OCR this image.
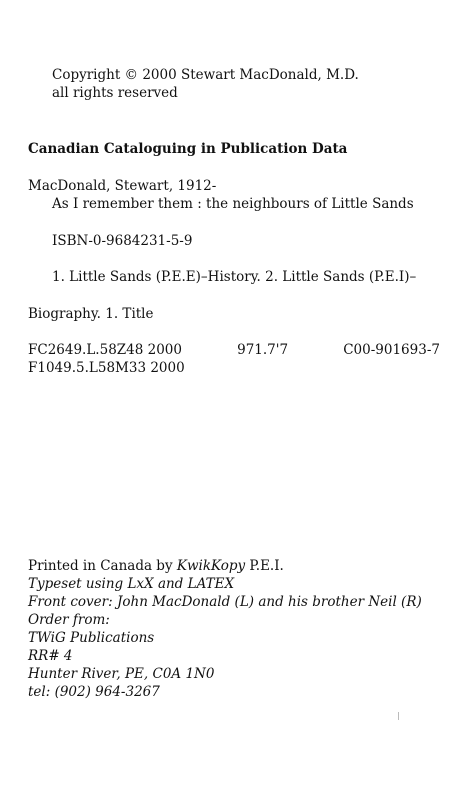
Copyright © 2000 Stewart MacDonald, M.D.
all rights reserved
Canadian Cataloguing in Publication Data
MacDonald, Stewart, 1912-
As I remember them : the neighbours of Little Sands
ISBN-0-9684231-5-9
1. Little Sands (P.E.E)–History. 2. Little Sands (P.E.I)–
Biography. 1. Title
FC2649.L.58Z48 2000	971.7'7	C00-901693-7
F1049.5.L58M33 2000
Printed in Canada by KwikKopy P.E.I.
Typeset using LxX and LATEX
Front cover: John MacDonald (L) and his brother Neil (R)
Order from:
TWiG Publications
RR# 4
Hunter River, PE, C0A 1N0
tel: (902) 964-3267
